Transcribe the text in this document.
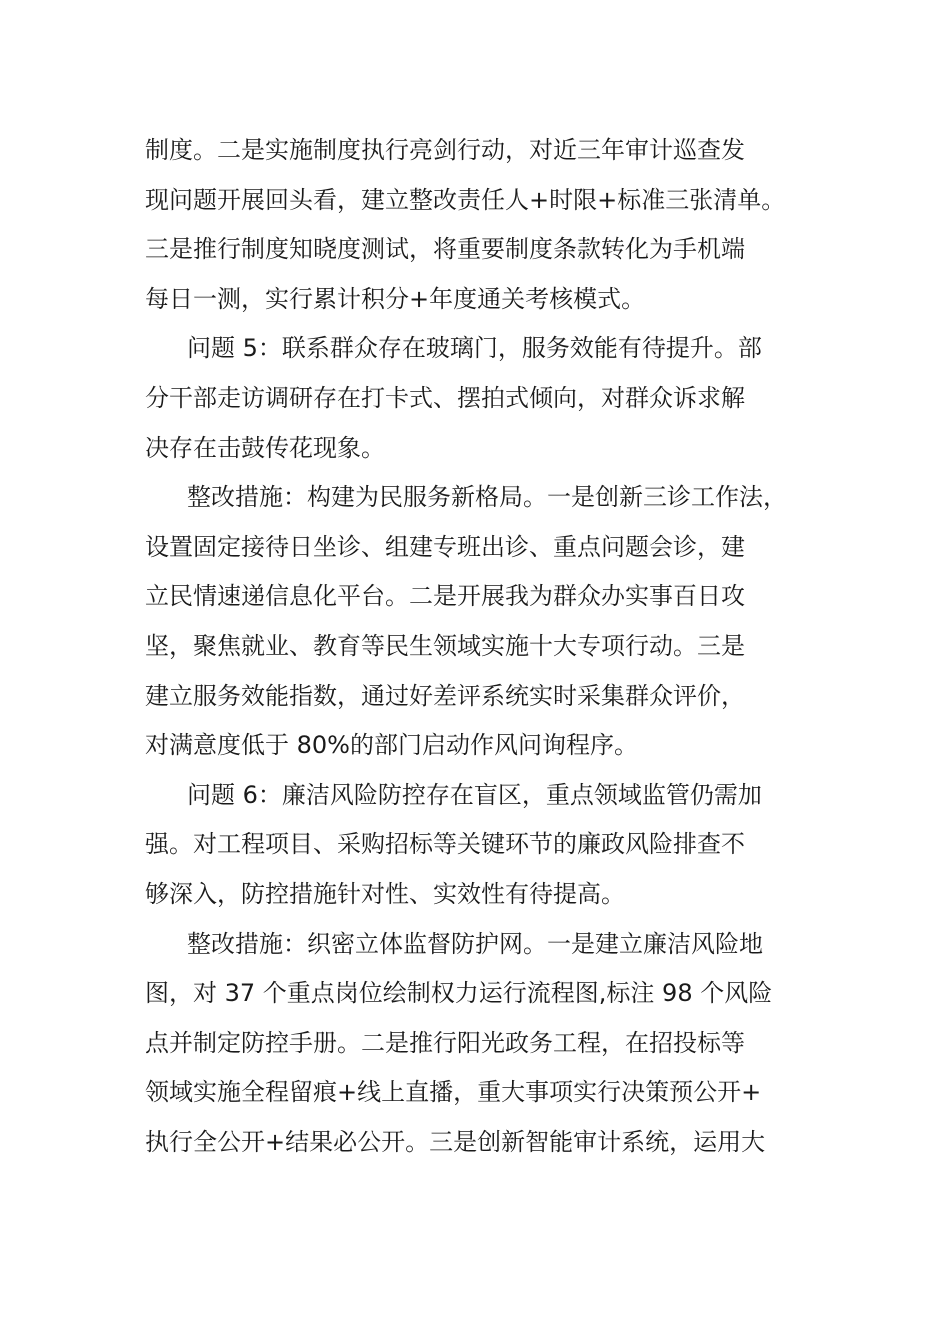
制度。二是实施制度执行亮剑行动，对近三年审计巡查发
现问题开展回头看，建立整改责任人+时限+标准三张清单。
三是推行制度知晓度测试，将重要制度条款转化为手机端
每日一测，实行累计积分+年度通关考核模式。
问题 5：联系群众存在玻璃门，服务效能有待提升。部
分干部走访调研存在打卡式、摆拍式倾向，对群众诉求解
决存在击鼓传花现象。
整改措施：构建为民服务新格局。一是创新三诊工作法，
设置固定接待日坐诊、组建专班出诊、重点问题会诊，建
立民情速递信息化平台。二是开展我为群众办实事百日攻
坚，聚焦就业、教育等民生领域实施十大专项行动。三是
建立服务效能指数，通过好差评系统实时采集群众评价，
对满意度低于 80%的部门启动作风问询程序。
问题 6：廉洁风险防控存在盲区，重点领域监管仍需加
强。对工程项目、采购招标等关键环节的廉政风险排查不
够深入，防控措施针对性、实效性有待提高。
整改措施：织密立体监督防护网。一是建立廉洁风险地
图，对 37 个重点岗位绘制权力运行流程图,标注 98 个风险
点并制定防控手册。二是推行阳光政务工程，在招投标等
领域实施全程留痕+线上直播，重大事项实行决策预公开+
执行全公开+结果必公开。三是创新智能审计系统，运用大
